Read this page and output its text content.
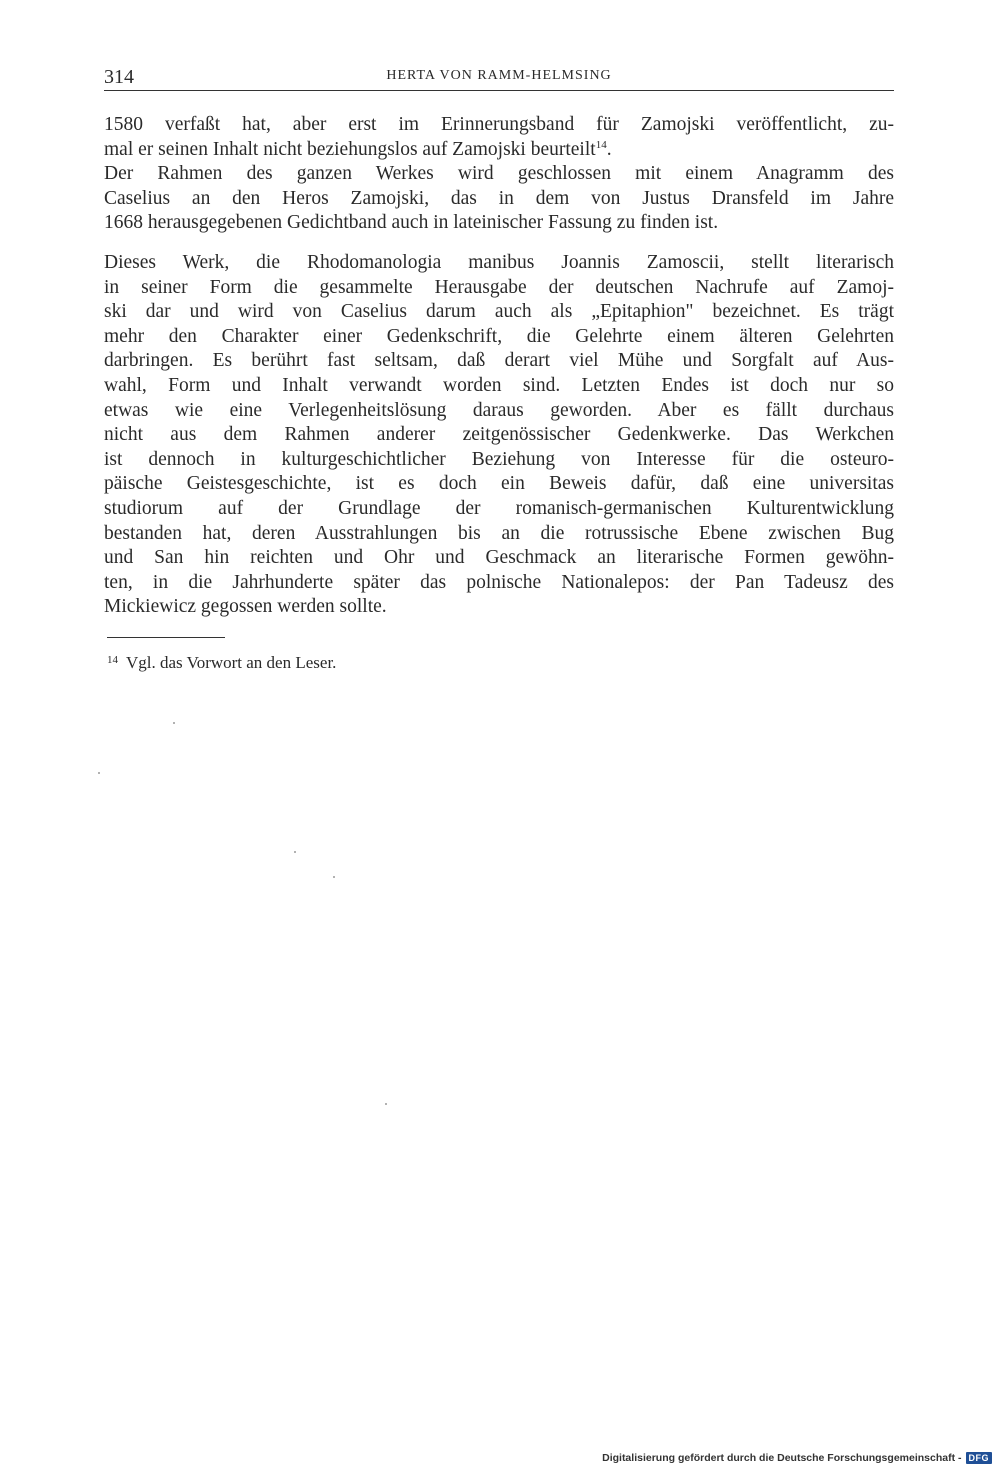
314	HERTA VON RAMM-HELMSING
1580 verfaßt hat, aber erst im Erinnerungsband für Zamojski veröffentlicht, zu-
mal er seinen Inhalt nicht beziehungslos auf Zamojski beurteilt$^{14}$.
Der Rahmen des ganzen Werkes wird geschlossen mit einem Anagramm des
Caselius an den Heros Zamojski, das in dem von Justus Dransfeld im Jahre
1668 herausgegebenen Gedichtband auch in lateinischer Fassung zu finden ist.
Dieses Werk, die Rhodomanologia manibus Joannis Zamoscii, stellt literarisch
in seiner Form die gesammelte Herausgabe der deutschen Nachrufe auf Zamoj-
ski dar und wird von Caselius darum auch als „Epitaphion" bezeichnet. Es trägt
mehr den Charakter einer Gedenkschrift, die Gelehrte einem älteren Gelehrten
darbringen. Es berührt fast seltsam, daß derart viel Mühe und Sorgfalt auf Aus-
wahl, Form und Inhalt verwandt worden sind. Letzten Endes ist doch nur so
etwas wie eine Verlegenheitslösung daraus geworden. Aber es fällt durchaus
nicht aus dem Rahmen anderer zeitgenössischer Gedenkwerke. Das Werkchen
ist dennoch in kulturgeschichtlicher Beziehung von Interesse für die osteuro-
päische Geistesgeschichte, ist es doch ein Beweis dafür, daß eine universitas
studiorum auf der Grundlage der romanisch-germanischen Kulturentwicklung
bestanden hat, deren Ausstrahlungen bis an die rotrussische Ebene zwischen Bug
und San hin reichten und Ohr und Geschmack an literarische Formen gewöhn-
ten, in die Jahrhunderte später das polnische Nationalepos: der Pan Tadeusz des
Mickiewicz gegossen werden sollte.
$^{14}$ Vgl. das Vorwort an den Leser.
Digitalisierung gefördert durch die Deutsche Forschungsgemeinschaft - DFG
